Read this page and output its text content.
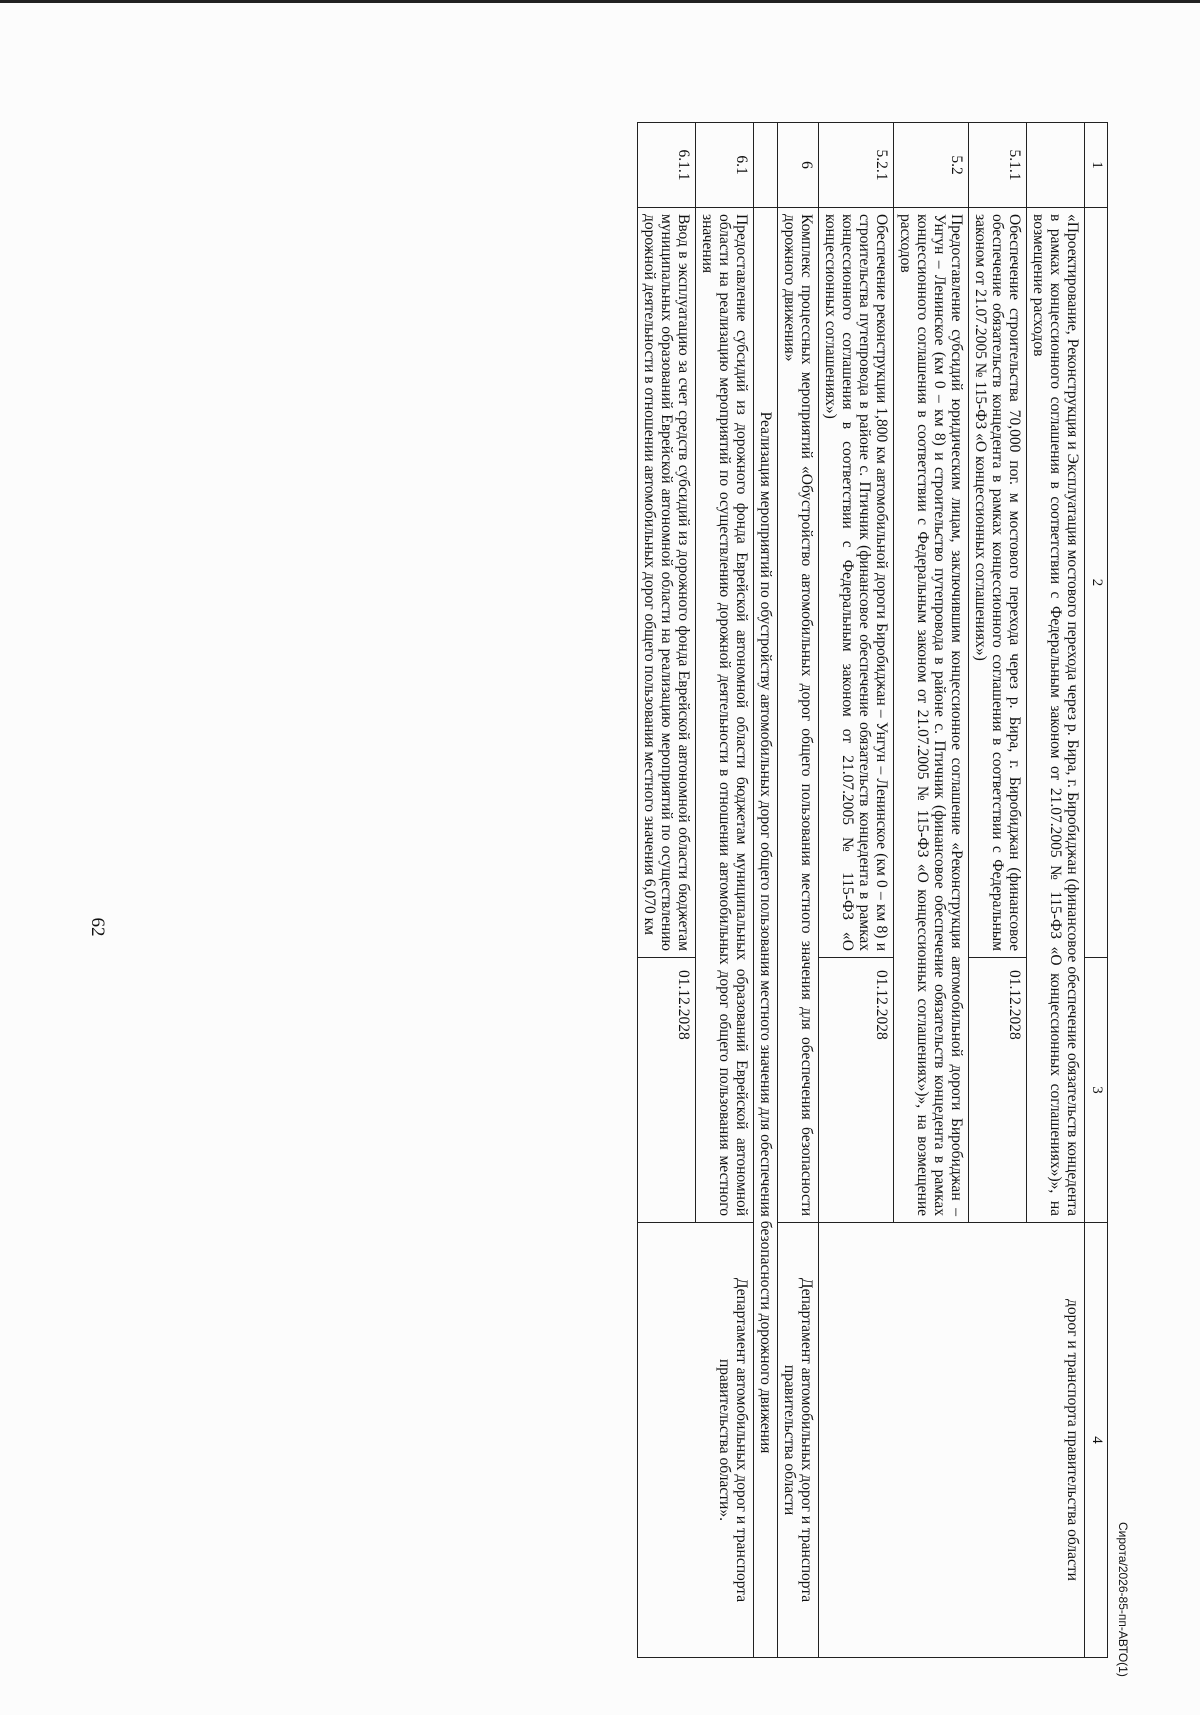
1	2	3	4
	«Проектирование, Реконструкция и Эксплуатация мостового перехода через р. Бира, г. Биробиджан (финансовое обеспечение обязательств концедента в рамках концессионного соглашения в соответствии с Федеральным законом от 21.07.2005 № 115-ФЗ «О концессионных соглашениях»)», на возмещение расходов		дорог и транспорта правительства области
5.1.1	Обеспечение строительства 70,000 пог. м мостового перехода через р. Бира, г. Биробиджан (финансовое обеспечение обязательств концедента в рамках концессионного соглашения в соответствии с Федеральным законом от 21.07.2005 № 115-ФЗ «О концессионных соглашениях»)	01.12.2028	
5.2	Предоставление субсидий юридическим лицам, заключившим концессионное соглашение «Реконструкция автомобильной дороги Биробиджан – Унгун – Ленинское (км 0 – км 8) и строительство путепровода в районе с. Птичник (финансовое обеспечение обязательств концедента в рамках концессионного соглашения в соответствии с Федеральным законом от 21.07.2005 № 115-ФЗ «О концессионных соглашениях»)», на возмещение расходов		
5.2.1	Обеспечение реконструкции 1,800 км автомобильной дороги Биробиджан – Унгун – Ленинское (км 0 – км 8) и строительства путепровода в районе с. Птичник (финансовое обеспечение обязательств концедента в рамках концессионного соглашения в соответствии с Федеральным законом от 21.07.2005 № 115-ФЗ «О концессионных соглашениях»)	01.12.2028	
6	Комплекс процессных мероприятий «Обустройство автомобильных дорог общего пользования местного значения для обеспечения безопасности дорожного движения»		Департамент автомобильных дорог и транспорта правительства области
	Реализация мероприятий по обустройству автомобильных дорог общего пользования местного значения для обеспечения безопасности дорожного движения		
6.1	Предоставление субсидий из дорожного фонда Еврейской автономной области бюджетам муниципальных образований Еврейской автономной области на реализацию мероприятий по осуществлению дорожной деятельности в отношении автомобильных дорог общего пользования местного значения		Департамент автомобильных дорог и транспорта правительства области».
6.1.1	Ввод в эксплуатацию за счет средств субсидий из дорожного фонда Еврейской автономной области бюджетам муниципальных образований Еврейской автономной области на реализацию мероприятий по осуществлению дорожной деятельности в отношении автомобильных дорог общего пользования местного значения 6,070 км	01.12.2028	
62
Сирота/2026-85-пп-АВТО(1)
